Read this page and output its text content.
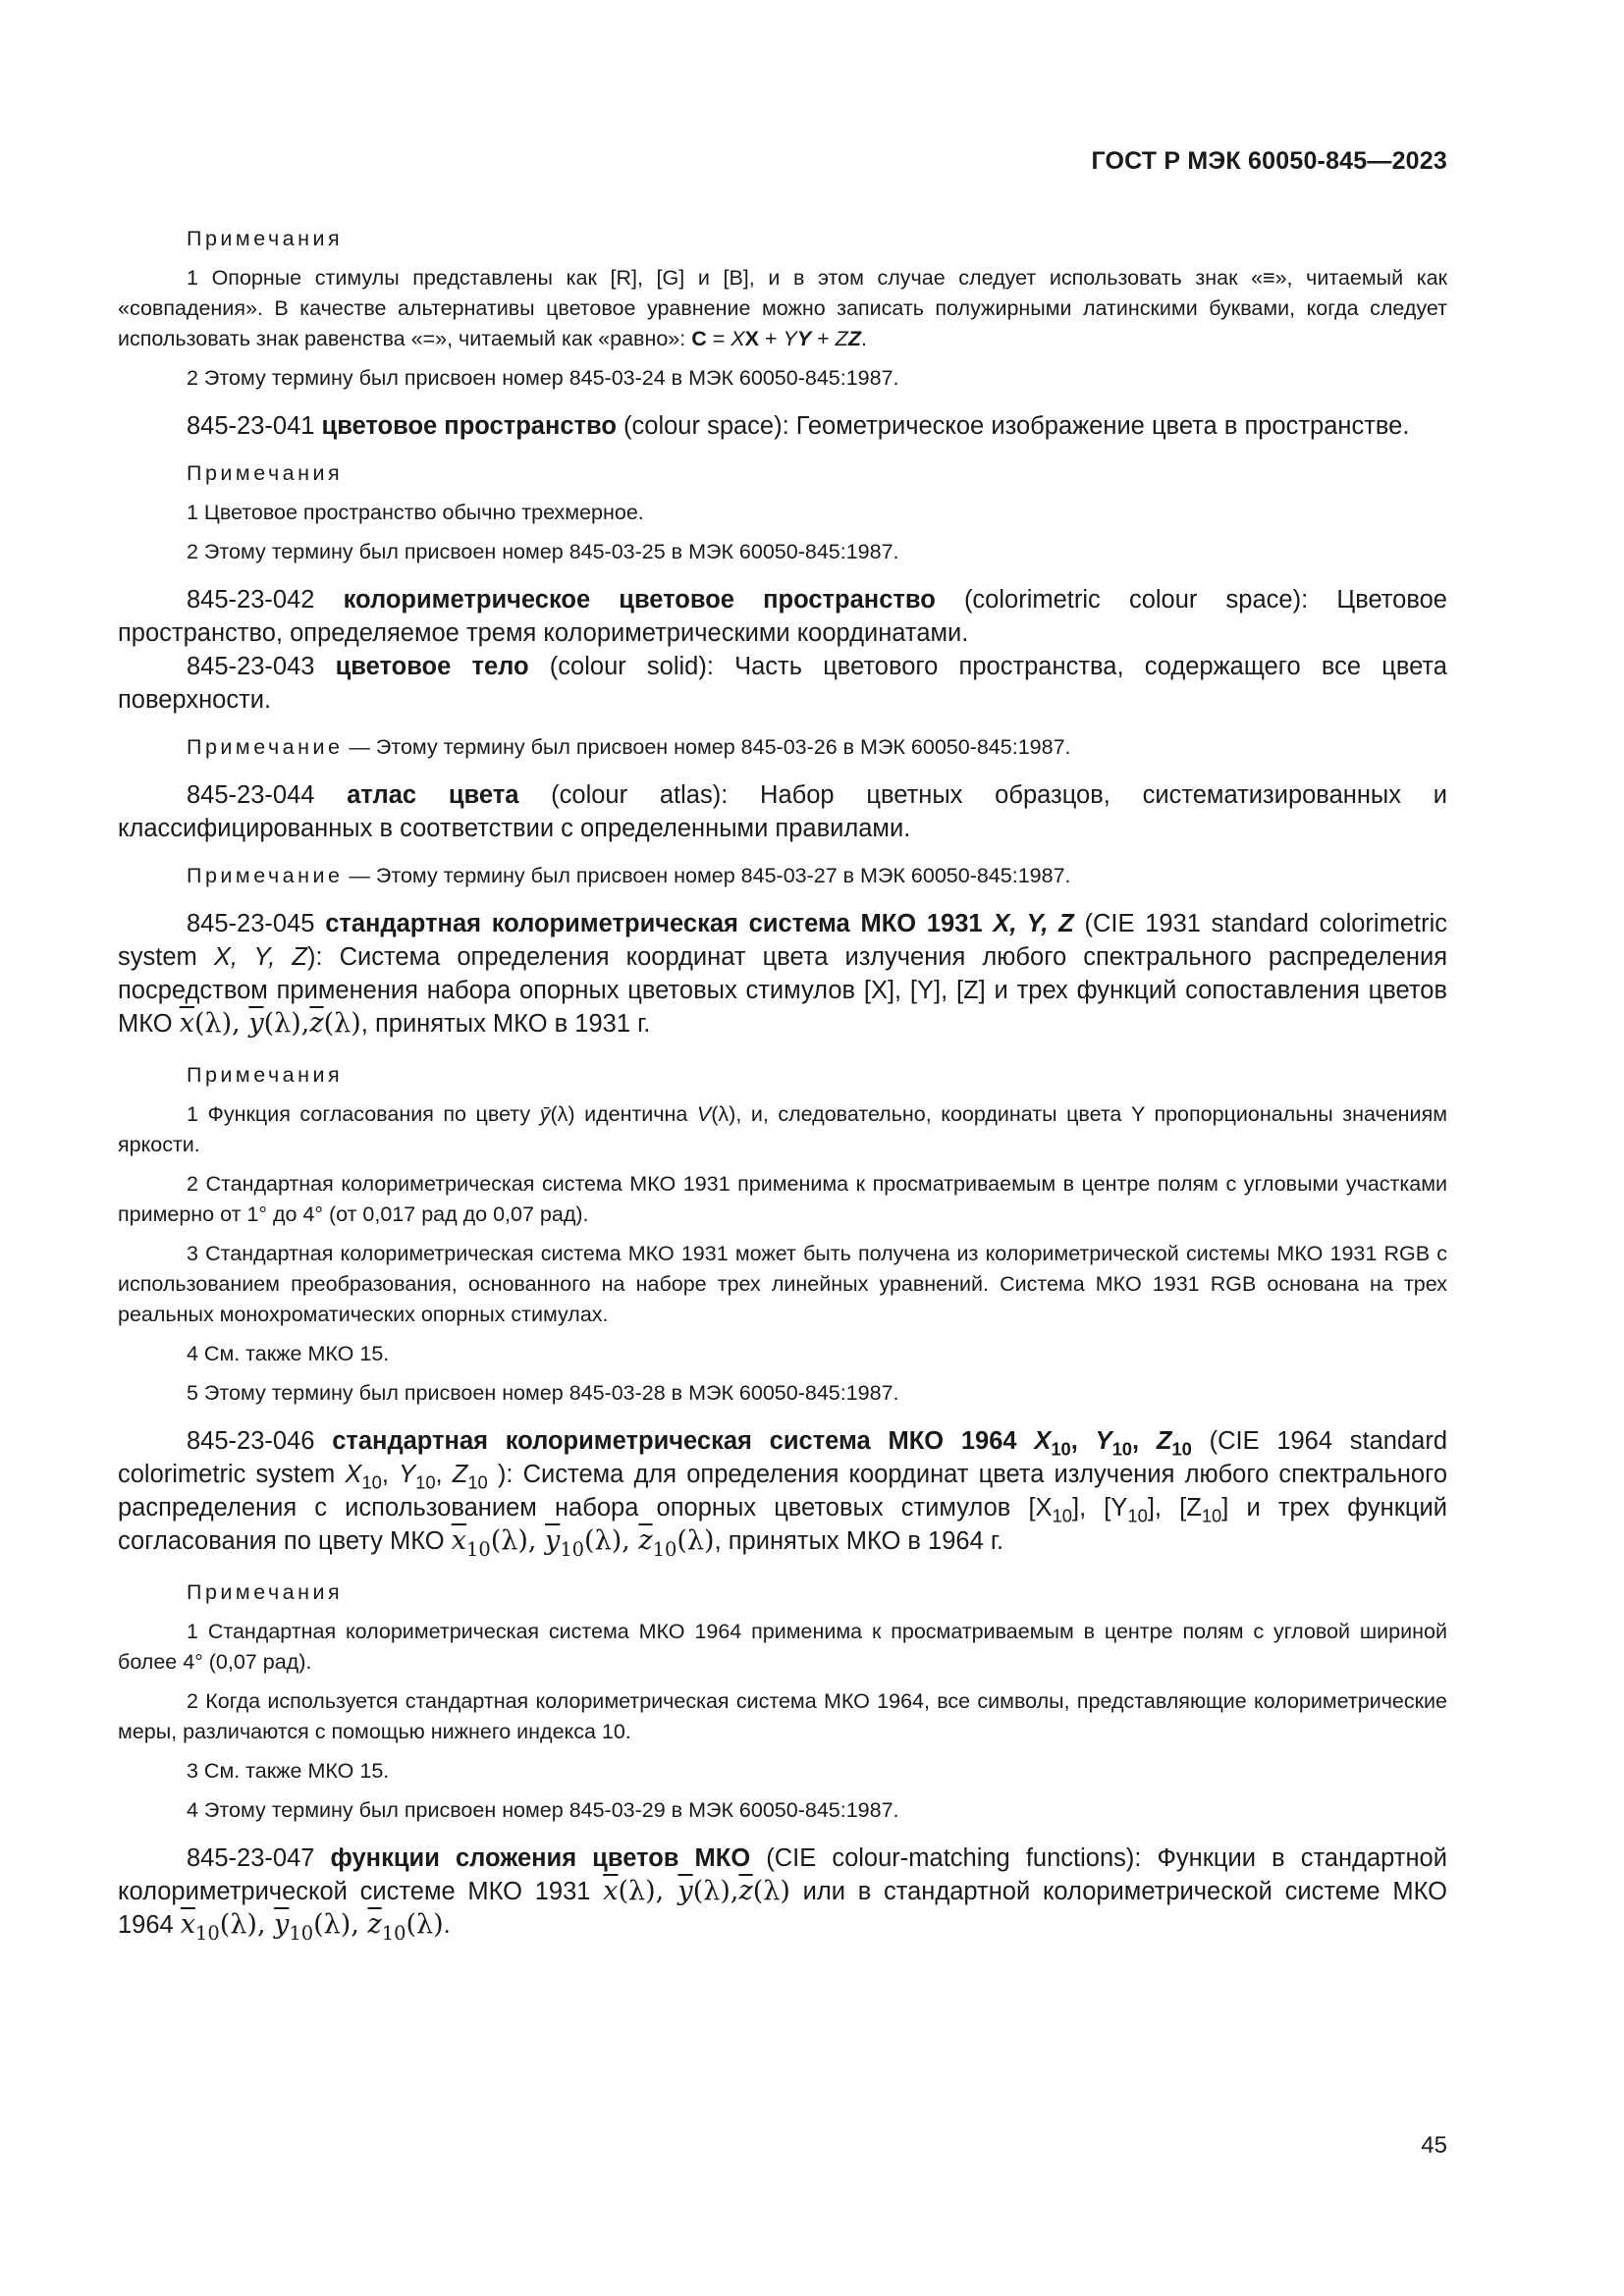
ГОСТ Р МЭК 60050-845—2023

Примечания

1 Опорные стимулы представлены как [R], [G] и [B], и в этом случае следует использовать знак «≡», читаемый как «совпадения». В качестве альтернативы цветовое уравнение можно записать полужирными латинскими буквами, когда следует использовать знак равенства «=», читаемый как «равно»: C = XX + YY + ZZ.

2 Этому термину был присвоен номер 845-03-24 в МЭК 60050-845:1987.

845-23-041 цветовое пространство (colour space): Геометрическое изображение цвета в пространстве.

Примечания

1 Цветовое пространство обычно трехмерное.

2 Этому термину был присвоен номер 845-03-25 в МЭК 60050-845:1987.

845-23-042 колориметрическое цветовое пространство (colorimetric colour space): Цветовое пространство, определяемое тремя колориметрическими координатами.

845-23-043 цветовое тело (colour solid): Часть цветового пространства, содержащего все цвета поверхности.

Примечание — Этому термину был присвоен номер 845-03-26 в МЭК 60050-845:1987.

845-23-044 атлас цвета (colour atlas): Набор цветных образцов, систематизированных и классифицированных в соответствии с определенными правилами.

Примечание — Этому термину был присвоен номер 845-03-27 в МЭК 60050-845:1987.

845-23-045 стандартная колориметрическая система МКО 1931 X, Y, Z (CIE 1931 standard colorimetric system X, Y, Z): Система определения координат цвета излучения любого спектрального распределения посредством применения набора опорных цветовых стимулов [X], [Y], [Z] и трех функций сопоставления цветов МКО $\overline{x}(\lambda)$, $\overline{y}(\lambda),\overline{z}(\lambda)$, принятых МКО в 1931 г.

Примечания

1 Функция согласования по цвету ȳ(λ) идентична V(λ), и, следовательно, координаты цвета Y пропорциональны значениям яркости.

2 Стандартная колориметрическая система МКО 1931 применима к просматриваемым в центре полям с угловыми участками примерно от 1° до 4° (от 0,017 рад до 0,07 рад).

3 Стандартная колориметрическая система МКО 1931 может быть получена из колориметрической системы МКО 1931 RGB с использованием преобразования, основанного на наборе трех линейных уравнений. Система МКО 1931 RGB основана на трех реальных монохроматических опорных стимулах.

4 См. также МКО 15.

5 Этому термину был присвоен номер 845-03-28 в МЭК 60050-845:1987.

845-23-046 стандартная колориметрическая система МКО 1964 $X_{10}$, $Y_{10}$, $Z_{10}$ (CIE 1964 standard colorimetric system $X_{10}$, $Y_{10}$, $Z_{10}$ ): Система для определения координат цвета излучения любого спектрального распределения с использованием набора опорных цветовых стимулов $[X_{10}]$, $[Y_{10}]$, $[Z_{10}]$ и трех функций согласования по цвету МКО $\overline{x}_{10}(\lambda)$, $\overline{y}_{10}(\lambda)$, $\overline{z}_{10}(\lambda)$, принятых МКО в 1964 г.

Примечания

1 Стандартная колориметрическая система МКО 1964 применима к просматриваемым в центре полям с угловой шириной более 4° (0,07 рад).

2 Когда используется стандартная колориметрическая система МКО 1964, все символы, представляющие колориметрические меры, различаются с помощью нижнего индекса 10.

3 См. также МКО 15.

4 Этому термину был присвоен номер 845-03-29 в МЭК 60050-845:1987.

845-23-047 функции сложения цветов МКО (CIE colour-matching functions): Функции в стандартной колориметрической системе МКО 1931 $\overline{x}(\lambda)$, $\overline{y}(\lambda),\overline{z}(\lambda)$ или в стандартной колориметрической системе МКО 1964 $\overline{x}_{10}(\lambda)$, $\overline{y}_{10}(\lambda)$, $\overline{z}_{10}(\lambda)$.

45
